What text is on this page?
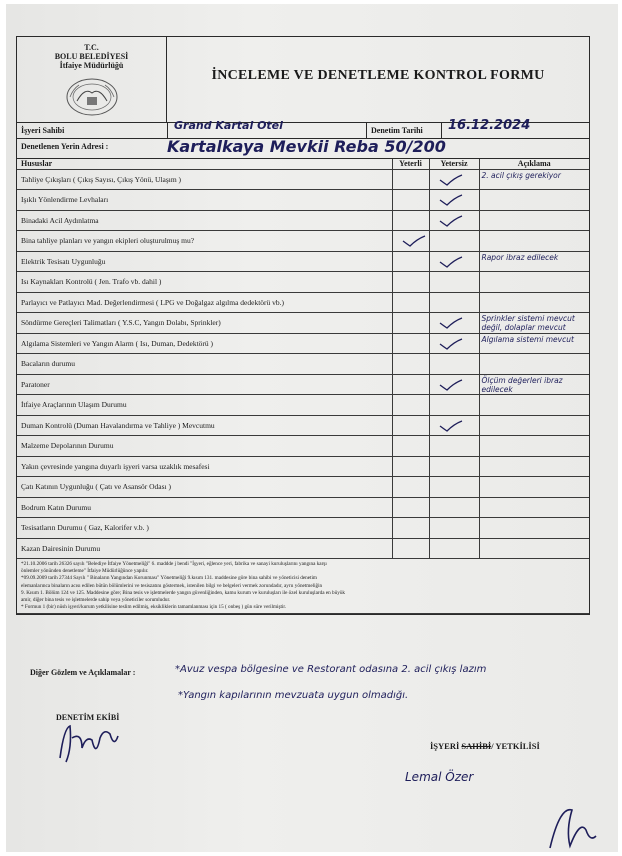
T.C.
BOLU BELEDİYESİ
İtfaiye Müdürlüğü
İNCELEME VE DENETLEME KONTROL FORMU
İşyeri Sahibi	Grand Kartal Otel	Denetim Tarihi	16.12.2024
Denetlenen Yerin Adresi :	Kartalkaya Mevkii Reba 50/200
Hususlar	Yeterli	Yetersiz	Açıklama
Tahliye Çıkışları ( Çıkış Sayısı, Çıkış Yönü, Ulaşım )			2. acil çıkış gerekiyor

Işıklı Yönlendirme Levhaları		

Binadaki Acil Aydınlatma		

Bina tahliye planları ve yangın ekipleri oluşturulmuş mu?	

Elektrik Tesisatı Uygunluğu			Rapor ibraz edilecek

Isı Kaynakları Kontrolü ( Jen. Trafo vb. dahil )			
Parlayıcı ve Patlayıcı Mad. Değerlendirmesi ( LPG ve Doğalgaz algılma dedektörü vb.)			
Söndürme Gereçleri Talimatları ( Y.S.C, Yangın Dolabı, Sprinkler)			Sprinkler sistemi mevcut değil, dolaplar mevcut

Algılama Sistemleri ve Yangın Alarm ( Isı, Duman, Dedektörü )			Algılama sistemi mevcut

Bacaların durumu			
Paratoner			Ölçüm değerleri ibraz edilecek

İtfaiye Araçlarının Ulaşım Durumu			
Duman Kontrolü (Duman Havalandırma ve Tahliye ) Mevcutmu		

Malzeme Depolarının Durumu			
Yakın çevresinde yangına duyarlı işyeri varsa uzaklık mesafesi			
Çatı Katının Uygunluğu ( Çatı ve Asansör Odası )			
Bodrum Katın Durumu			
Tesisatların Durumu ( Gaz, Kalorifer v.b. )			
Kazan Dairesinin Durumu			
*21.10.2006 tarih 26326 sayılı "Belediye İtfaiye Yönetmeliği" 6. maddde j bendi "İşyeri, eğlence yeri, fabrika ve sanayi kuruluşlarını yangına karşı
önlemler yönünden denetleme" İtfaiye Müdürlüğünce yapılır.
*09.09.2009 tarih 27344 Sayılı " Binaların Yangından Korunması" Yönetmeliği 9.kısım 131. maddesine göre bina sahibi ve yöneticisi denetim
elemanlarınca binaların acısı edilen bütün bölümlerini ve tesiszatını göstermek, istenilen bilgi ve belgeleri vermek zorundadır, ayrıı yönetmeliğin
9. Kısım 1. Bölüm 124 ve 125. Maddesine göre; Bina tesis ve işletmelerde yangın güvenliğinden, kamu kurum ve kuruluşları ile özel kuruluşlarda en büyük
amir, diğer bina tesis ve işletmelerde sahip veya yöneticiler sorumludur.
* Formun 1 (bir) nüsh işyeri/kurum yetkilisine teslim edilmiş, eksikliklerin tamamlanması için 15 ( onbeş ) gün süre verilmiştir.
Diğer Gözlem ve Açıklamalar :	*Avuz vespa bölgesine ve Restorant odasına 2. acil çıkış lazım
*Yangın kapılarının mevzuata uygun olmadığı.
DENETİM EKİBİ
İŞYERİ SAHİBİ/ YETKİLİSİ
Lemal Özer
